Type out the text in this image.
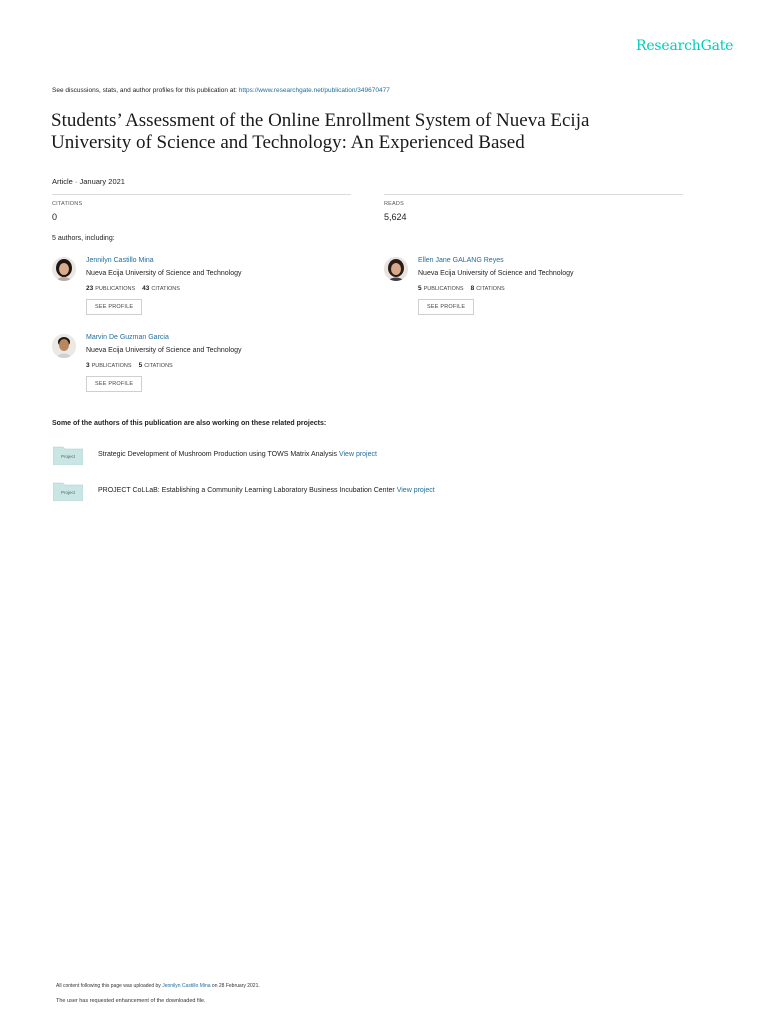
ResearchGate
See discussions, stats, and author profiles for this publication at: https://www.researchgate.net/publication/349670477
Students’ Assessment of the Online Enrollment System of Nueva Ecija
University of Science and Technology: An Experienced Based
Article · January 2021
CITATIONS
0
READS
5,624
5 authors, including:
Jennilyn Castillo Mina
Nueva Ecija University of Science and Technology
23 PUBLICATIONS 43 CITATIONS
SEE PROFILE
Ellen Jane GALANG Reyes
Nueva Ecija University of Science and Technology
5 PUBLICATIONS 8 CITATIONS
SEE PROFILE
Marvin De Guzman Garcia
Nueva Ecija University of Science and Technology
3 PUBLICATIONS 5 CITATIONS
SEE PROFILE
Some of the authors of this publication are also working on these related projects:
Project	Strategic Development of Mushroom Production using TOWS Matrix Analysis View project
Project	PROJECT CoLLaB: Establishing a Community Learning Laboratory Business Incubation Center View project
All content following this page was uploaded by Jennilyn Castillo Mina on 28 February 2021.
The user has requested enhancement of the downloaded file.
